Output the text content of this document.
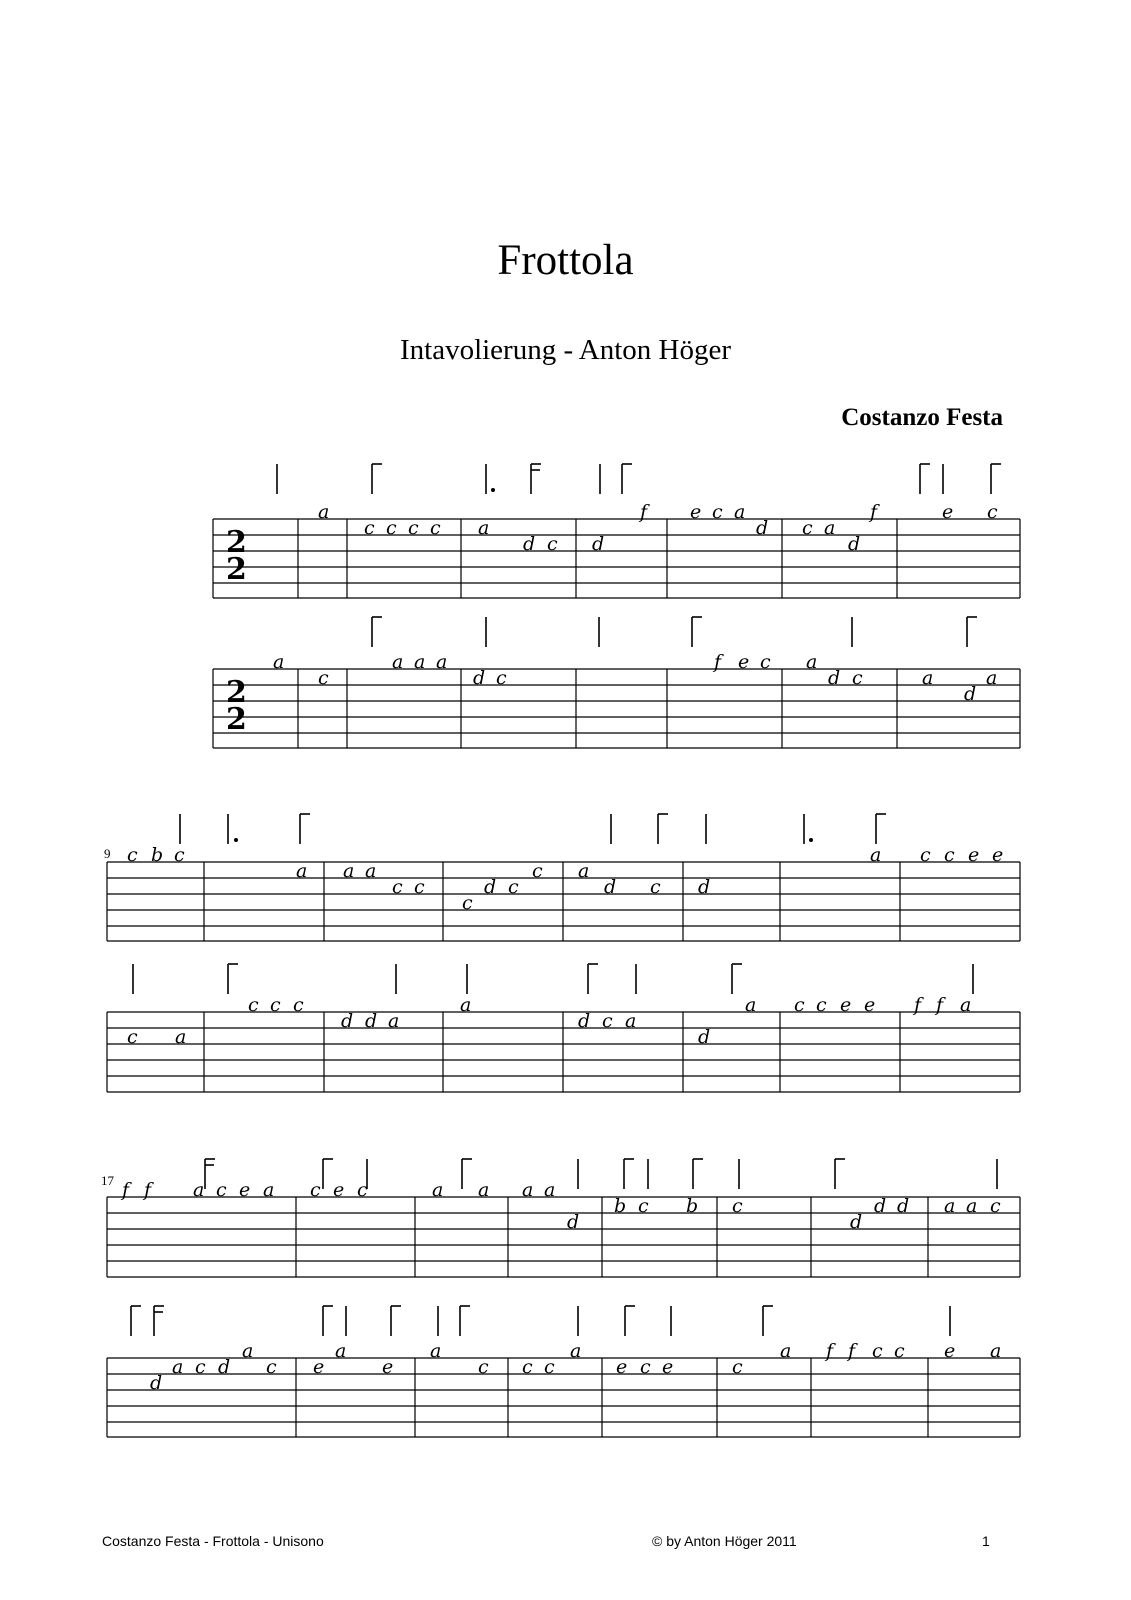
Frottola
Intavolierung - Anton Höger
Costanzo Festa
2
2
2
2
a
c c c c a
d c d
f e c a
d c a
d
f	e c
a
c
a a a
d c
f e c a
d c	a
d
a
9 c b c
a a a
c c
c
d c
c a
d c d
a c c e e
c a
c c c
d d a
a
d c a
d
a c c e e f f a
17 f f a c e a c e c	a a a a
d
b c b c
d
d d a a c
d
a c d
a
c e
a
e
a
c c c
a
e c e	c
a f f c c e a
Costanzo Festa - Frottola - Unisono	© by Anton Höger 2011	1
